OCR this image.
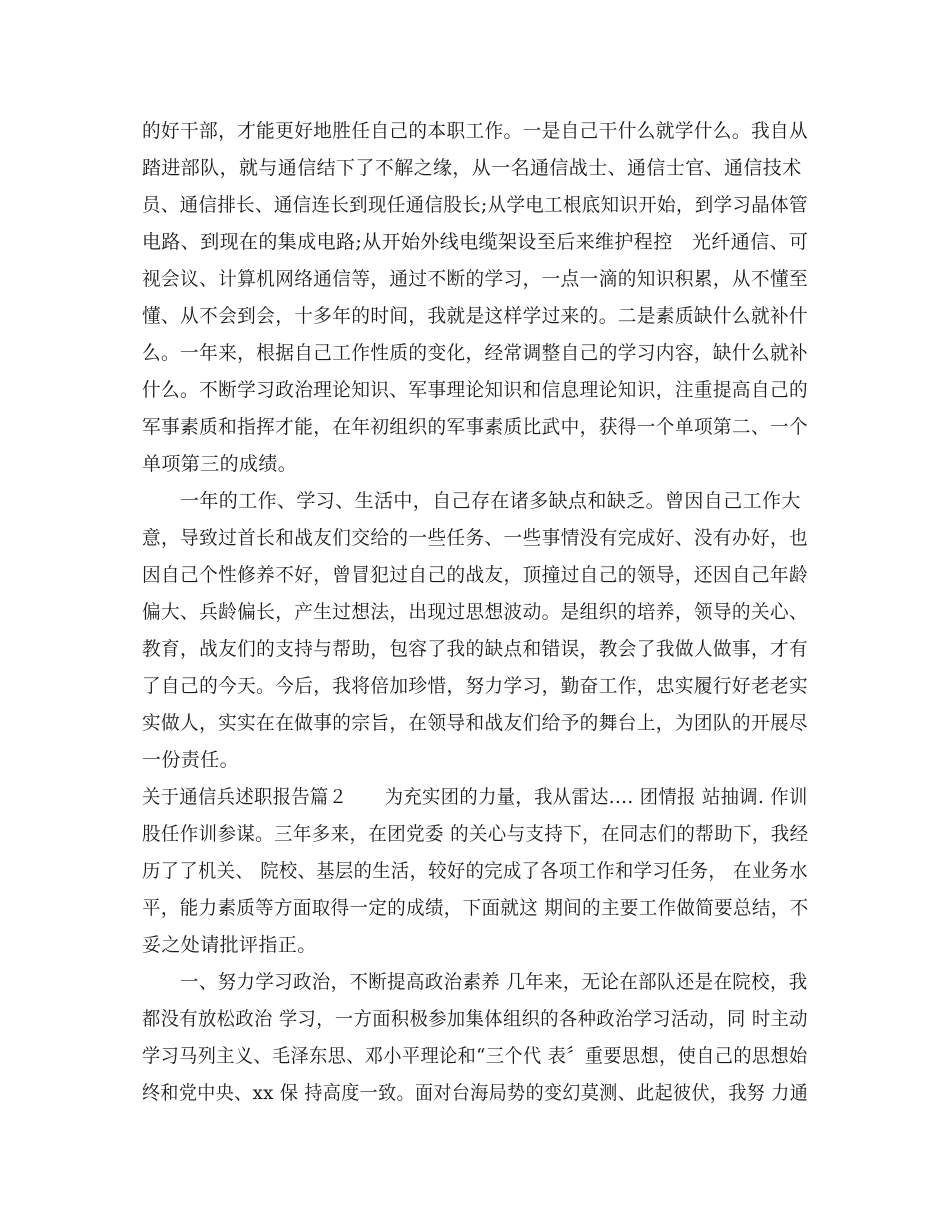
的好干部，才能更好地胜任自己的本职工作。一是自己干什么就学什么。我自从
踏进部队，就与通信结下了不解之缘，从一名通信战士、通信士官、通信技术
员、通信排长、通信连长到现任通信股长;从学电工根底知识开始，到学习晶体管
电路、到现在的集成电路;从开始外线电缆架设至后来维护程控　光纤通信、可
视会议、计算机网络通信等，通过不断的学习，一点一滴的知识积累，从不懂至
懂、从不会到会，十多年的时间，我就是这样学过来的。二是素质缺什么就补什
么。一年来，根据自己工作性质的变化，经常调整自己的学习内容，缺什么就补
什么。不断学习政治理论知识、军事理论知识和信息理论知识，注重提高自己的
军事素质和指挥才能，在年初组织的军事素质比武中，获得一个单项第二、一个
单项第三的成绩。
一年的工作、学习、生活中，自己存在诸多缺点和缺乏。曾因自己工作大
意，导致过首长和战友们交给的一些任务、一些事情没有完成好、没有办好，也
因自己个性修养不好，曾冒犯过自己的战友，顶撞过自己的领导，还因自己年龄
偏大、兵龄偏长，产生过想法，出现过思想波动。是组织的培养，领导的关心、
教育，战友们的支持与帮助，包容了我的缺点和错误，教会了我做人做事，才有
了自己的今天。今后，我将倍加珍惜，努力学习，勤奋工作，忠实履行好老老实
实做人，实实在在做事的宗旨，在领导和战友们给予的舞台上，为团队的开展尽
一份责任。
关于通信兵述职报告篇２　　为充实团的力量，我从雷达.... 团情报 站抽调. 作训
股任作训参谋。三年多来，在团党委 的关心与支持下，在同志们的帮助下，我经
历了了机关、 院校、基层的生活，较好的完成了各项工作和学习任务， 在业务水
平，能力素质等方面取得一定的成绩，下面就这 期间的主要工作做简要总结，不
妥之处请批评指正。
一、努力学习政治，不断提高政治素养 几年来，无论在部队还是在院校，我
都没有放松政治 学习，一方面积极参加集体组织的各种政治学习活动，同 时主动
学习马列主义、毛泽东思、邓小平理论和“三个代 表〞重要思想，使自己的思想始
终和党中央、xx 保 持高度一致。面对台海局势的变幻莫测、此起彼伏，我努 力通
